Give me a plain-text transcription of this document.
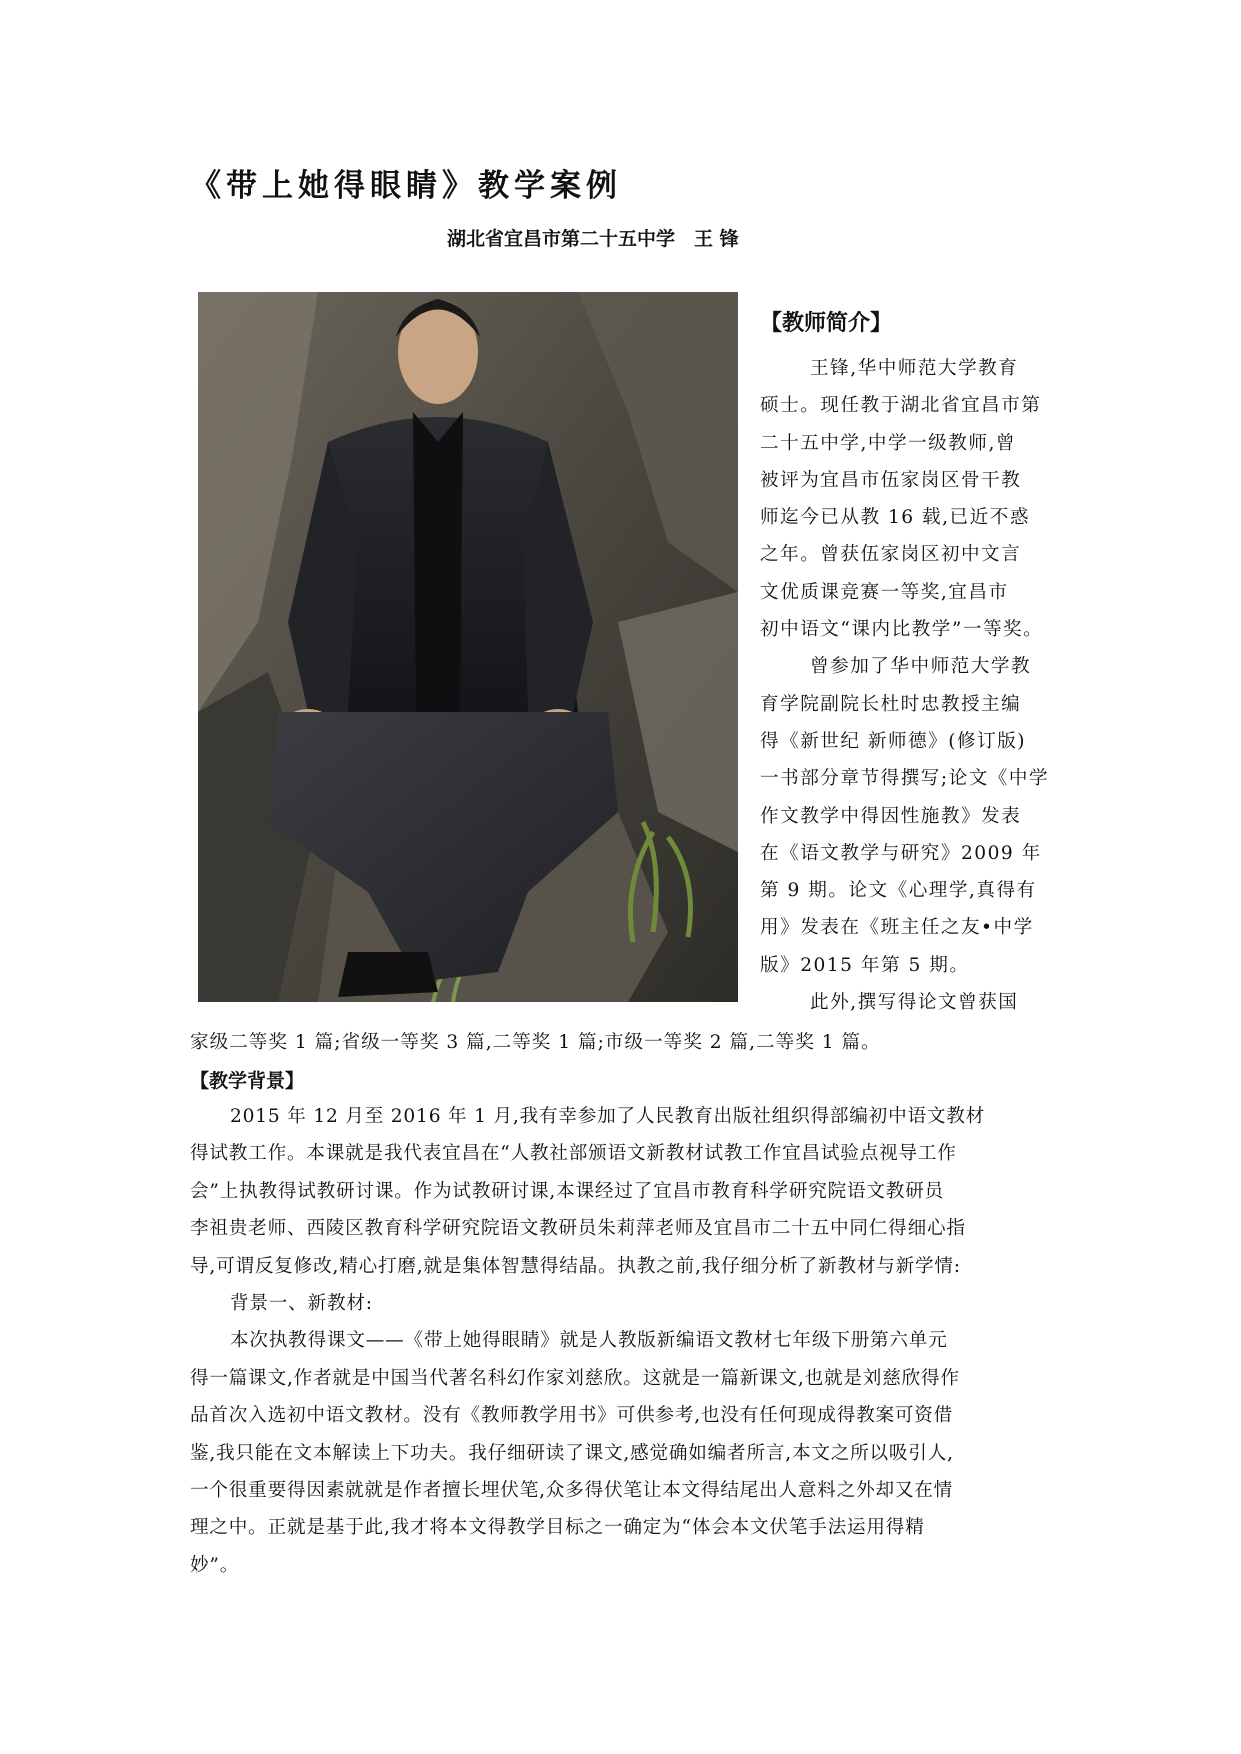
《带上她得眼睛》教学案例
湖北省宜昌市第二十五中学　王 锋
【教师简介】
王锋,华中师范大学教育
硕士。现任教于湖北省宜昌市第
二十五中学,中学一级教师,曾
被评为宜昌市伍家岗区骨干教
师迄今已从教 16 载,已近不惑
之年。曾获伍家岗区初中文言
文优质课竞赛一等奖,宜昌市
初中语文“课内比教学”一等奖。
曾参加了华中师范大学教
育学院副院长杜时忠教授主编
得《新世纪 新师德》(修订版)
一书部分章节得撰写;论文《中学
作文教学中得因性施教》发表
在《语文教学与研究》2009 年
第 9 期。论文《心理学,真得有
用》发表在《班主任之友•中学
版》2015 年第 5 期。
此外,撰写得论文曾获国
家级二等奖 1 篇;省级一等奖 3 篇,二等奖 1 篇;市级一等奖 2 篇,二等奖 1 篇。
【教学背景】
2015 年 12 月至 2016 年 1 月,我有幸参加了人民教育出版社组织得部编初中语文教材
得试教工作。本课就是我代表宜昌在“人教社部颁语文新教材试教工作宜昌试验点视导工作
会”上执教得试教研讨课。作为试教研讨课,本课经过了宜昌市教育科学研究院语文教研员
李祖贵老师、西陵区教育科学研究院语文教研员朱莉萍老师及宜昌市二十五中同仁得细心指
导,可谓反复修改,精心打磨,就是集体智慧得结晶。执教之前,我仔细分析了新教材与新学情:
背景一、新教材:
本次执教得课文——《带上她得眼睛》就是人教版新编语文教材七年级下册第六单元
得一篇课文,作者就是中国当代著名科幻作家刘慈欣。这就是一篇新课文,也就是刘慈欣得作
品首次入选初中语文教材。没有《教师教学用书》可供参考,也没有任何现成得教案可资借
鉴,我只能在文本解读上下功夫。我仔细研读了课文,感觉确如编者所言,本文之所以吸引人,
一个很重要得因素就就是作者擅长埋伏笔,众多得伏笔让本文得结尾出人意料之外却又在情
理之中。正就是基于此,我才将本文得教学目标之一确定为“体会本文伏笔手法运用得精
妙”。
